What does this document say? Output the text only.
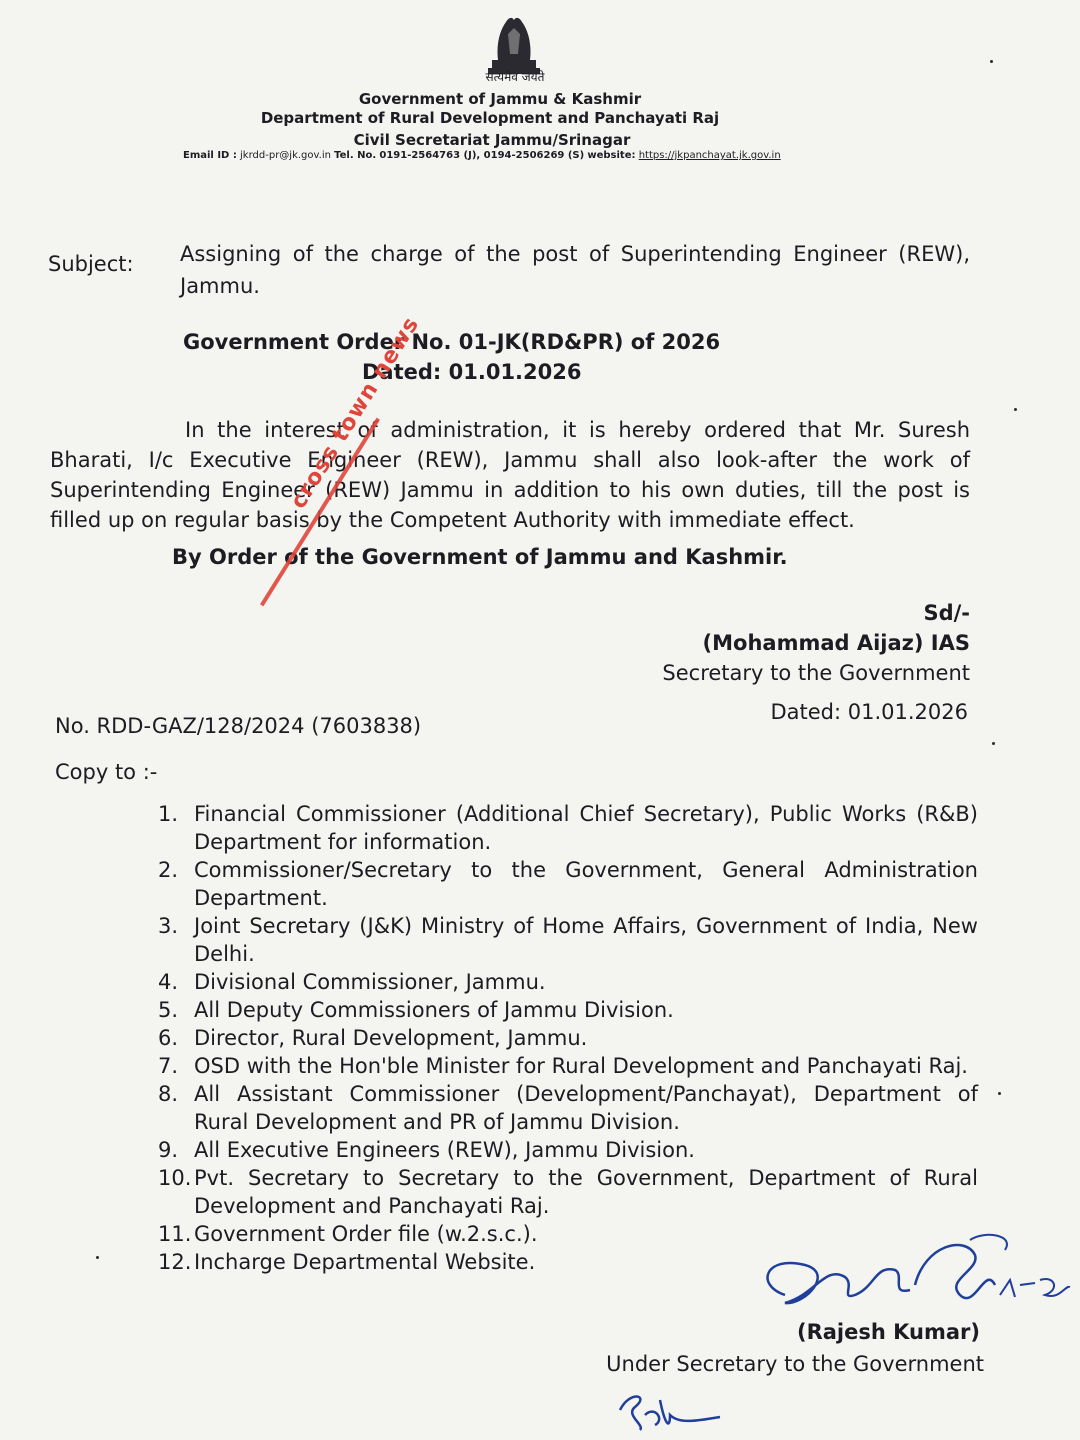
सत्यमेव जयते
Government of Jammu & Kashmir
Department of Rural Development and Panchayati Raj
Civil Secretariat Jammu/Srinagar
Email ID : jkrdd-pr@jk.gov.in Tel. No. 0191-2564763 (J), 0194-2506269 (S) website: https://jkpanchayat.jk.gov.in
Subject: Assigning of the charge of the post of Superintending Engineer (REW), Jammu.
Government Order No. 01-JK(RD&PR) of 2026
Dated: 01.01.2026
In the interest of administration, it is hereby ordered that Mr. Suresh Bharati, I/c Executive Engineer (REW), Jammu shall also look-after the work of Superintending Engineer (REW) Jammu in addition to his own duties, till the post is filled up on regular basis by the Competent Authority with immediate effect.
By Order of the Government of Jammu and Kashmir.
cross town news
Sd/-
(Mohammad Aijaz) IAS
Secretary to the Government
Dated: 01.01.2026
No. RDD-GAZ/128/2024 (7603838)
Copy to :-
1. Financial Commissioner (Additional Chief Secretary), Public Works (R&B) Department for information.
2. Commissioner/Secretary to the Government, General Administration Department.
3. Joint Secretary (J&K) Ministry of Home Affairs, Government of India, New Delhi.
4. Divisional Commissioner, Jammu.
5. All Deputy Commissioners of Jammu Division.
6. Director, Rural Development, Jammu.
7. OSD with the Hon'ble Minister for Rural Development and Panchayati Raj.
8. All Assistant Commissioner (Development/Panchayat), Department of Rural Development and PR of Jammu Division.
9. All Executive Engineers (REW), Jammu Division.
10. Pvt. Secretary to Secretary to the Government, Department of Rural Development and Panchayati Raj.
11. Government Order file (w.2.s.c.).
12. Incharge Departmental Website.
(Rajesh Kumar)
Under Secretary to the Government
